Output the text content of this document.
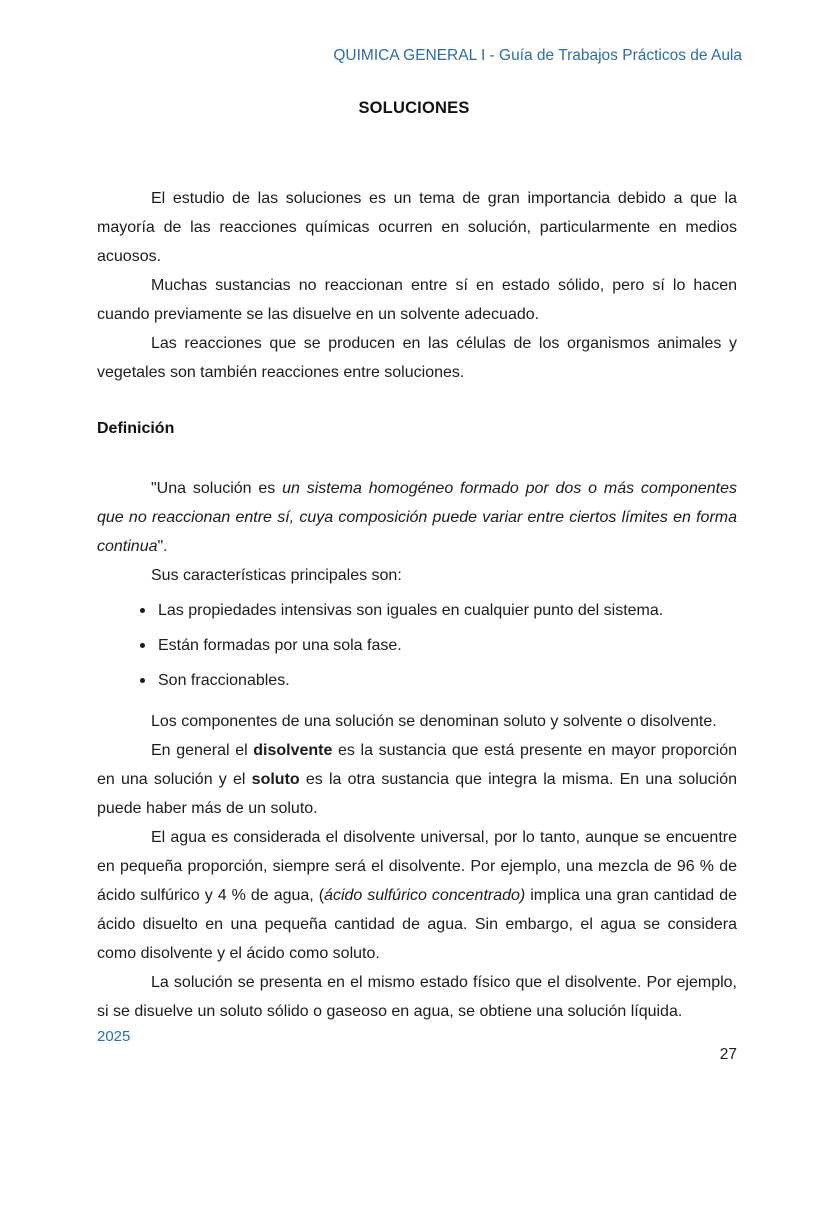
QUIMICA GENERAL I - Guía de Trabajos Prácticos de Aula
SOLUCIONES

El estudio de las soluciones es un tema de gran importancia debido a que la mayoría de las reacciones químicas ocurren en solución, particularmente en medios acuosos.

Muchas sustancias no reaccionan entre sí en estado sólido, pero sí lo hacen cuando previamente se las disuelve en un solvente adecuado.

Las reacciones que se producen en las células de los organismos animales y vegetales son también reacciones entre soluciones.

Definición

"Una solución es un sistema homogéneo formado por dos o más componentes que no reaccionan entre sí, cuya composición puede variar entre ciertos límites en forma continua".

Sus características principales son:

Las propiedades intensivas son iguales en cualquier punto del sistema.
Están formadas por una sola fase.
Son fraccionables.

Los componentes de una solución se denominan soluto y solvente o disolvente.

En general el disolvente es la sustancia que está presente en mayor proporción en una solución y el soluto es la otra sustancia que integra la misma. En una solución puede haber más de un soluto.

El agua es considerada el disolvente universal, por lo tanto, aunque se encuentre en pequeña proporción, siempre será el disolvente. Por ejemplo, una mezcla de 96 % de ácido sulfúrico y 4 % de agua, (ácido sulfúrico concentrado) implica una gran cantidad de ácido disuelto en una pequeña cantidad de agua. Sin embargo, el agua se considera como disolvente y el ácido como soluto.

La solución se presenta en el mismo estado físico que el disolvente. Por ejemplo, si se disuelve un soluto sólido o gaseoso en agua, se obtiene una solución líquida.

2025
27
